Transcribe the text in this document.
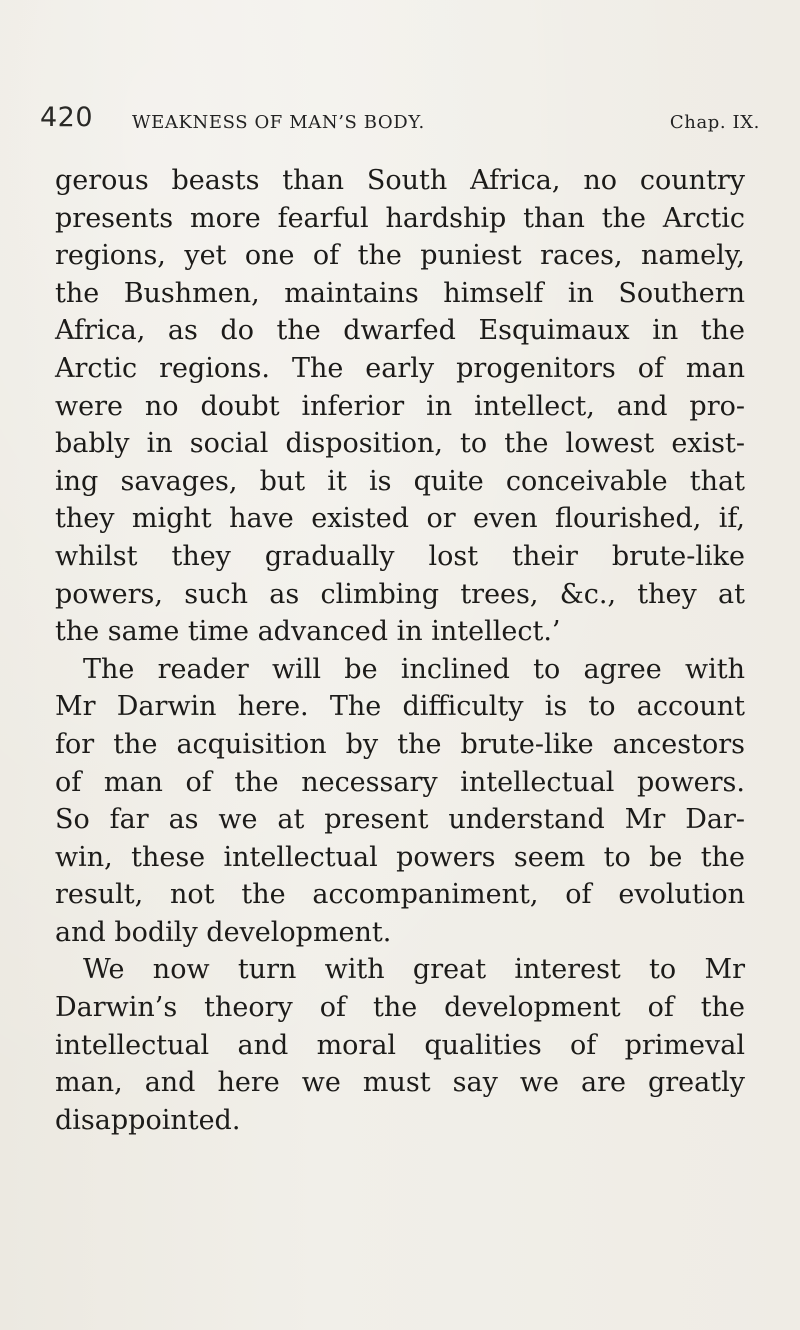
420 WEAKNESS OF MAN’S BODY.	Chap. IX.
gerous beasts than South Africa, no country
presents more fearful hardship than the Arctic
regions, yet one of the puniest races, namely,
the Bushmen, maintains himself in Southern
Africa, as do the dwarfed Esquimaux in the
Arctic regions. The early progenitors of man
were no doubt inferior in intellect, and pro-
bably in social disposition, to the lowest exist-
ing savages, but it is quite conceivable that
they might have existed or even flourished, if,
whilst they gradually lost their brute-like
powers, such as climbing trees, &c., they at
the same time advanced in intellect.’
The reader will be inclined to agree with
Mr Darwin here. The difficulty is to account
for the acquisition by the brute-like ancestors
of man of the necessary intellectual powers.
So far as we at present understand Mr Dar-
win, these intellectual powers seem to be the
result, not the accompaniment, of evolution
and bodily development.
We now turn with great interest to Mr
Darwin’s theory of the development of the
intellectual and moral qualities of primeval
man, and here we must say we are greatly
disappointed.
